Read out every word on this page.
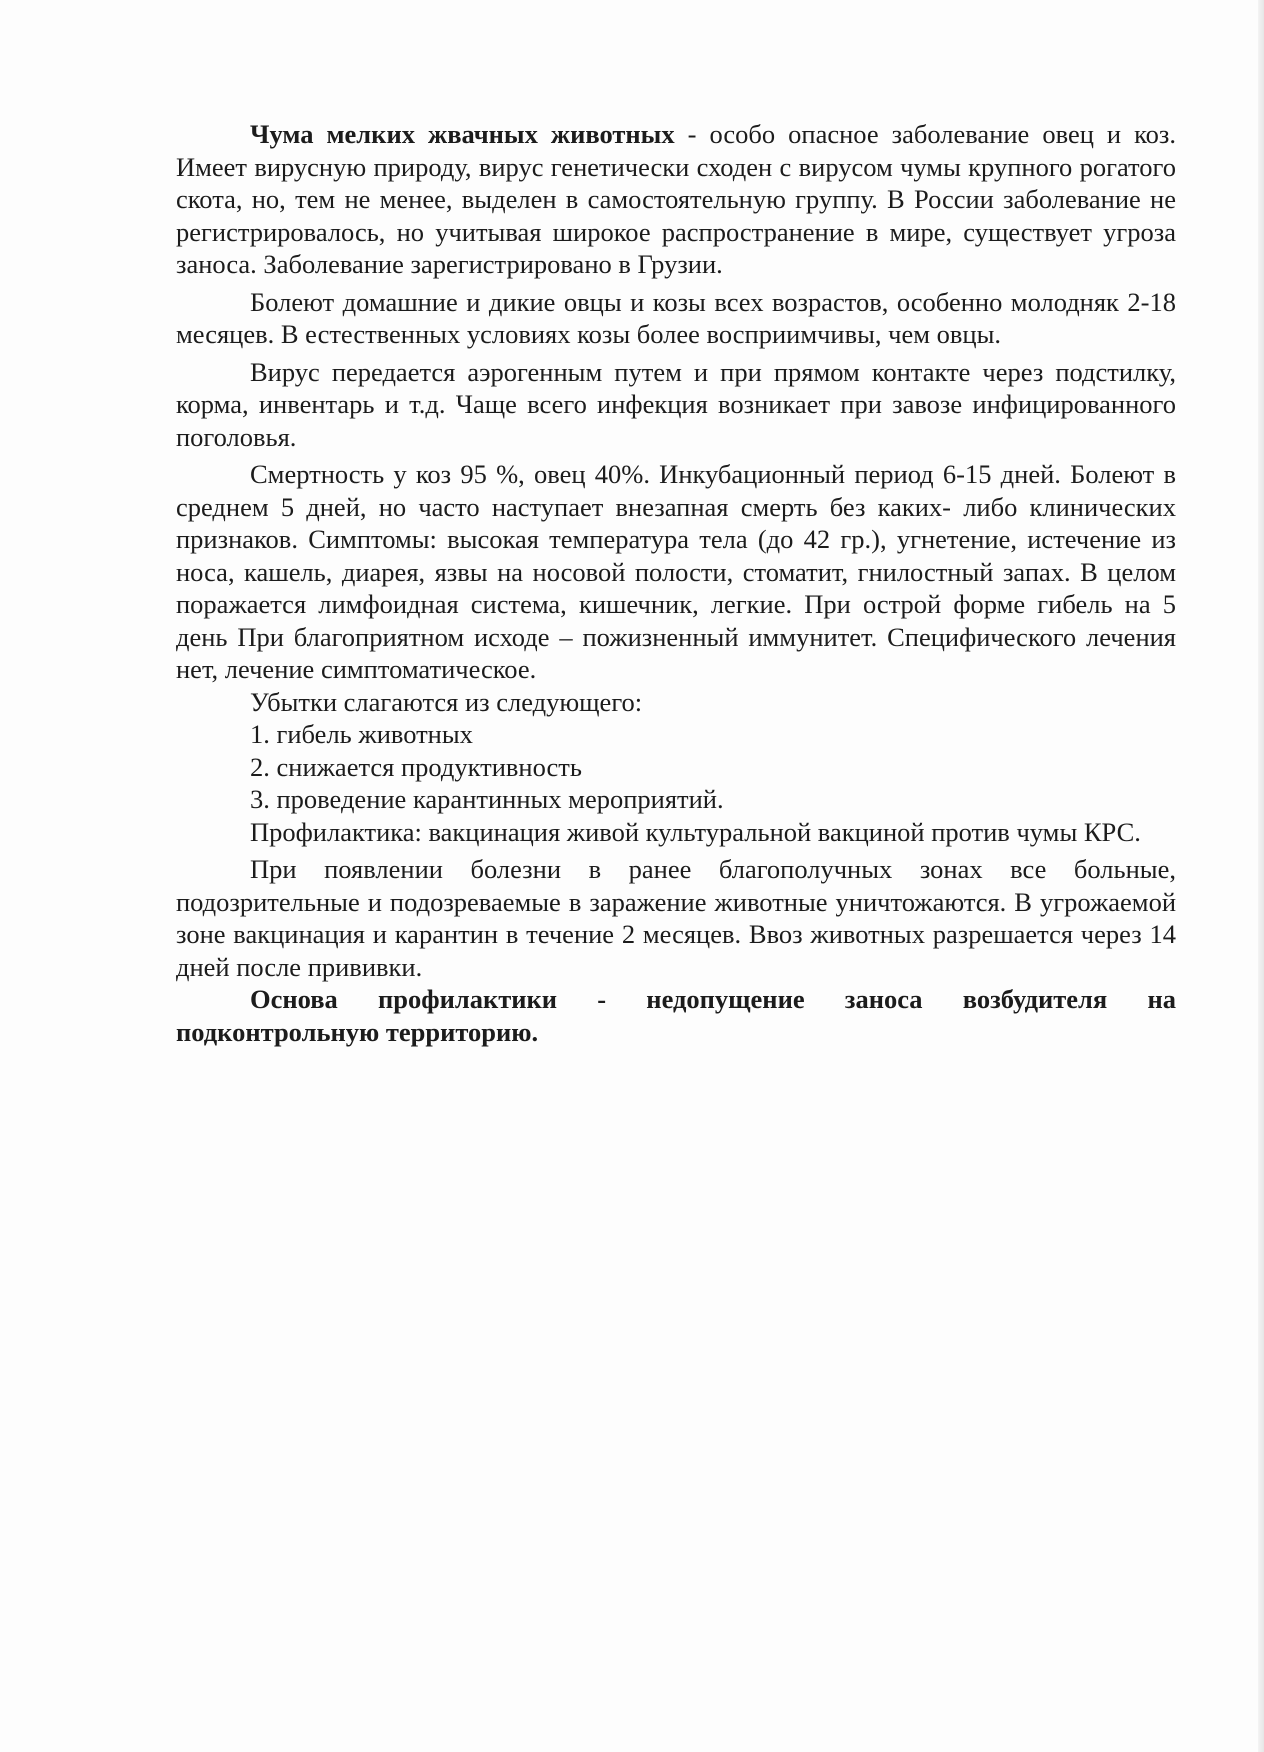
Чума мелких жвачных животных - особо опасное заболевание овец и коз. Имеет вирусную природу, вирус генетически сходен с вирусом чумы крупного рогатого скота, но, тем не менее, выделен в самостоятельную группу. В России заболевание не регистрировалось, но учитывая широкое распространение в мире, существует угроза заноса. Заболевание зарегистрировано в Грузии.

Болеют домашние и дикие овцы и козы всех возрастов, особенно молодняк 2-18 месяцев. В естественных условиях козы более восприимчивы, чем овцы.

Вирус передается аэрогенным путем и при прямом контакте через подстилку, корма, инвентарь и т.д. Чаще всего инфекция возникает при завозе инфицированного поголовья.

Смертность у коз 95 %, овец 40%. Инкубационный период 6-15 дней. Болеют в среднем 5 дней, но часто наступает внезапная смерть без каких- либо клинических признаков. Симптомы: высокая температура тела (до 42 гр.), угнетение, истечение из носа, кашель, диарея, язвы на носовой полости, стоматит, гнилостный запах. В целом поражается лимфоидная система, кишечник, легкие. При острой форме гибель на 5 день При благоприятном исходе – пожизненный иммунитет. Специфического лечения нет, лечение симптоматическое.

Убытки слагаются из следующего:

1. гибель животных

2. снижается продуктивность

3. проведение карантинных мероприятий.

Профилактика: вакцинация живой культуральной вакциной против чумы КРС.

При появлении болезни в ранее благополучных зонах все больные, подозрительные и подозреваемые в заражение животные уничтожаются. В угрожаемой зоне вакцинация и карантин в течение 2 месяцев. Ввоз животных разрешается через 14 дней после прививки.

Основа профилактики - недопущение заноса возбудителя на подконтрольную территорию.
